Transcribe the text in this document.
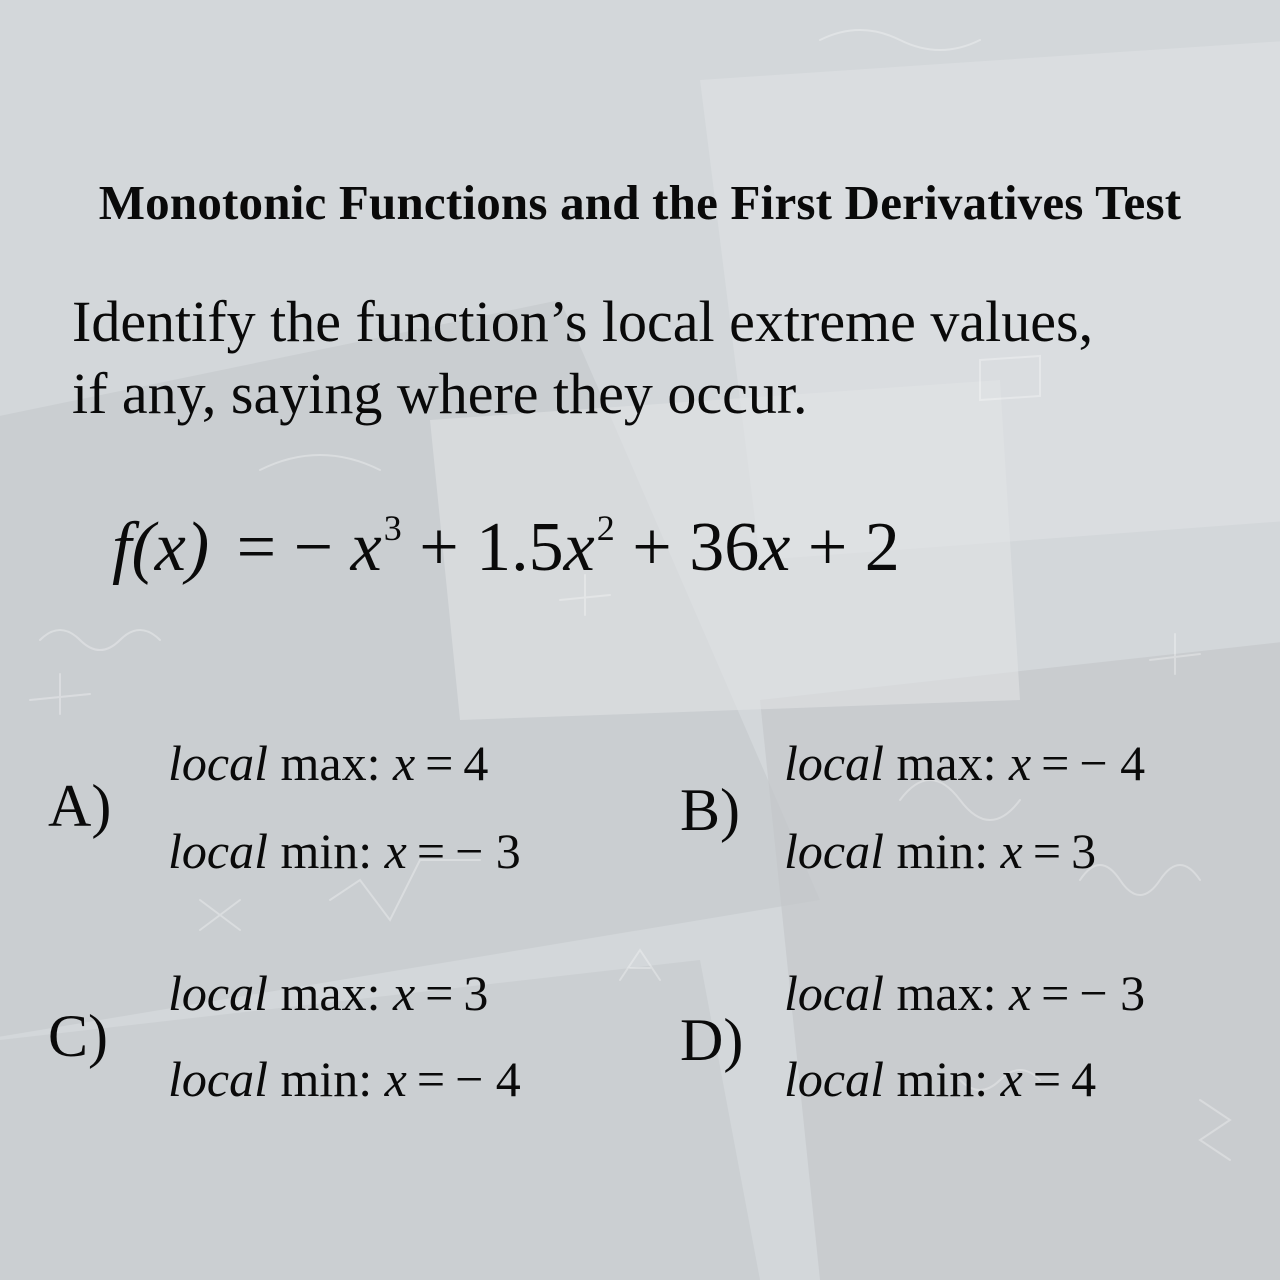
Monotonic Functions and the First Derivatives Test
Identify the function’s local extreme values,
if any, saying where they occur.
f(x) = − $x^3 + 1.5x^2 + 36x + 2$
A)
local max: x = 4
local min: x = − 3
B)
local max: x = − 4
local min: x = 3
C)
local max: x = 3
local min: x = − 4
D)
local max: x = − 3
local min: x = 4
